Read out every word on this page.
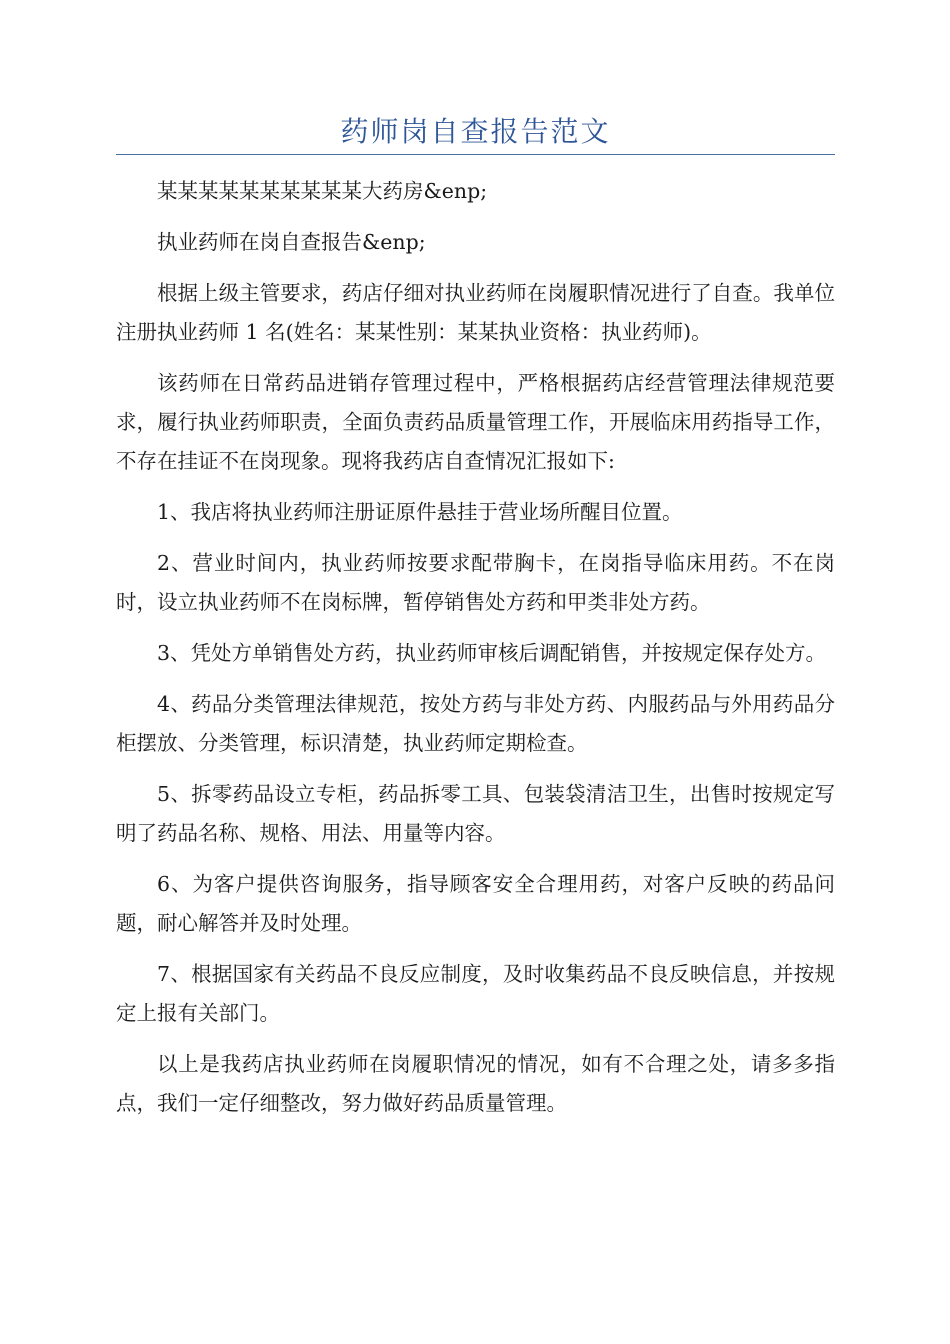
药师岗自查报告范文

某某某某某某某某某某大药房&enp;

执业药师在岗自查报告&enp;

根据上级主管要求，药店仔细对执业药师在岗履职情况进行了自查。我单位注册执业药师 1 名(姓名：某某性别：某某执业资格：执业药师)。

该药师在日常药品进销存管理过程中，严格根据药店经营管理法律规范要求，履行执业药师职责，全面负责药品质量管理工作，开展临床用药指导工作，不存在挂证不在岗现象。现将我药店自查情况汇报如下:

1、我店将执业药师注册证原件悬挂于营业场所醒目位置。

2、营业时间内，执业药师按要求配带胸卡，在岗指导临床用药。不在岗时，设立执业药师不在岗标牌，暂停销售处方药和甲类非处方药。

3、凭处方单销售处方药，执业药师审核后调配销售，并按规定保存处方。

4、药品分类管理法律规范，按处方药与非处方药、内服药品与外用药品分柜摆放、分类管理，标识清楚，执业药师定期检查。

5、拆零药品设立专柜，药品拆零工具、包装袋清洁卫生，出售时按规定写明了药品名称、规格、用法、用量等内容。

6、为客户提供咨询服务，指导顾客安全合理用药，对客户反映的药品问题，耐心解答并及时处理。

7、根据国家有关药品不良反应制度，及时收集药品不良反映信息，并按规定上报有关部门。

以上是我药店执业药师在岗履职情况的情况，如有不合理之处，请多多指点，我们一定仔细整改，努力做好药品质量管理。
